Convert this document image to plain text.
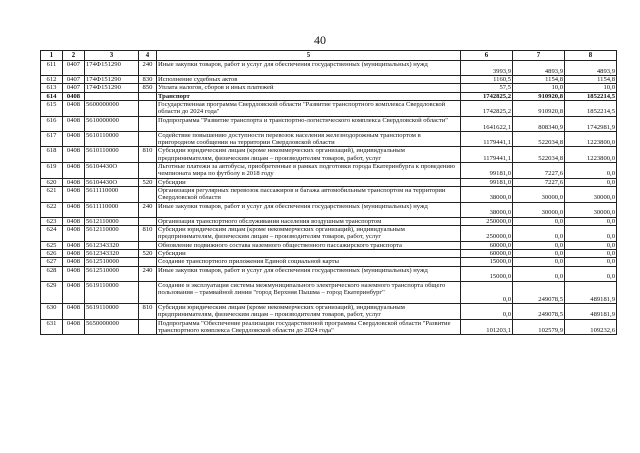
40
1	2	3	4	5	6	7	8
611	0407	174Ф151290	240	Иные закупки товаров, работ и услуг для обеспечения государственных (муниципальных) нужд	3993,9	4893,9	4893,9
612	0407	174Ф151290	830	Исполнение судебных актов	1160,5	1154,8	1154,8
613	0407	174Ф151290	850	Уплата налогов, сборов и иных платежей	57,5	10,0	10,0
614	0408			Транспорт	1742825,2	910920,8	1852214,5
615	0408	5600000000		Государственная программа Свердловской области "Развитие транспортного комплекса Свердловской области до 2024 года"	1742825,2	910920,8	1852214,5
616	0408	5610000000		Подпрограмма "Развитие транспорта и транспортно-логистического комплекса Свердловской области"	1641622,1	808340,9	1742981,9
617	0408	5610110000		Содействие повышению доступности перевозок населения железнодорожным транспортом в пригородном сообщении на территории Свердловской области	1179441,1	522034,8	1223800,0
618	0408	5610110000	810	Субсидии юридическим лицам (кроме некоммерческих организаций), индивидуальным предпринимателям, физическим лицам – производителям товаров, работ, услуг	1179441,1	522034,8	1223800,0
619	0408	56104430О		Льготные платежи за автобусы, приобретенные в рамках подготовки города Екатеринбурга к проведению чемпионата мира по футболу в 2018 году	99181,0	7227,6	0,0
620	0408	56104430О	520	Субсидии	99181,0	7227,6	0,0
621	0408	5611110000		Организация регулярных перевозок пассажиров и багажа автомобильным транспортом на территории Свердловской области	38000,0	30000,0	30000,0
622	0408	5611110000	240	Иные закупки товаров, работ и услуг для обеспечения государственных (муниципальных) нужд	38000,0	30000,0	30000,0
623	0408	5612110000		Организация транспортного обслуживания населения воздушным транспортом	250000,0	0,0	0,0
624	0408	5612110000	810	Субсидии юридическим лицам (кроме некоммерческих организаций), индивидуальным предпринимателям, физическим лицам – производителям товаров, работ, услуг	250000,0	0,0	0,0
625	0408	5612343320		Обновление подвижного состава наземного общественного пассажирского транспорта	60000,0	0,0	0,0
626	0408	5612343320	520	Субсидии	60000,0	0,0	0,0
627	0408	5612510000		Создание транспортного приложения Единой социальной карты	15000,0	0,0	0,0
628	0408	5612510000	240	Иные закупки товаров, работ и услуг для обеспечения государственных (муниципальных) нужд	15000,0	0,0	0,0
629	0408	5619110000		Создание и эксплуатация системы межмуниципального электрического наземного транспорта общего пользования – трамвайной линии "город Верхняя Пышма – город Екатеринбург"	0,0	249078,5	489181,9
630	0408	5619110000	810	Субсидии юридическим лицам (кроме некоммерческих организаций), индивидуальным предпринимателям, физическим лицам – производителям товаров, работ, услуг	0,0	249078,5	489181,9
631	0408	5650000000		Подпрограмма "Обеспечение реализации государственной программы Свердловской области "Развитие транспортного комплекса Свердловской области до 2024 года"	101203,1	102579,9	109232,6
